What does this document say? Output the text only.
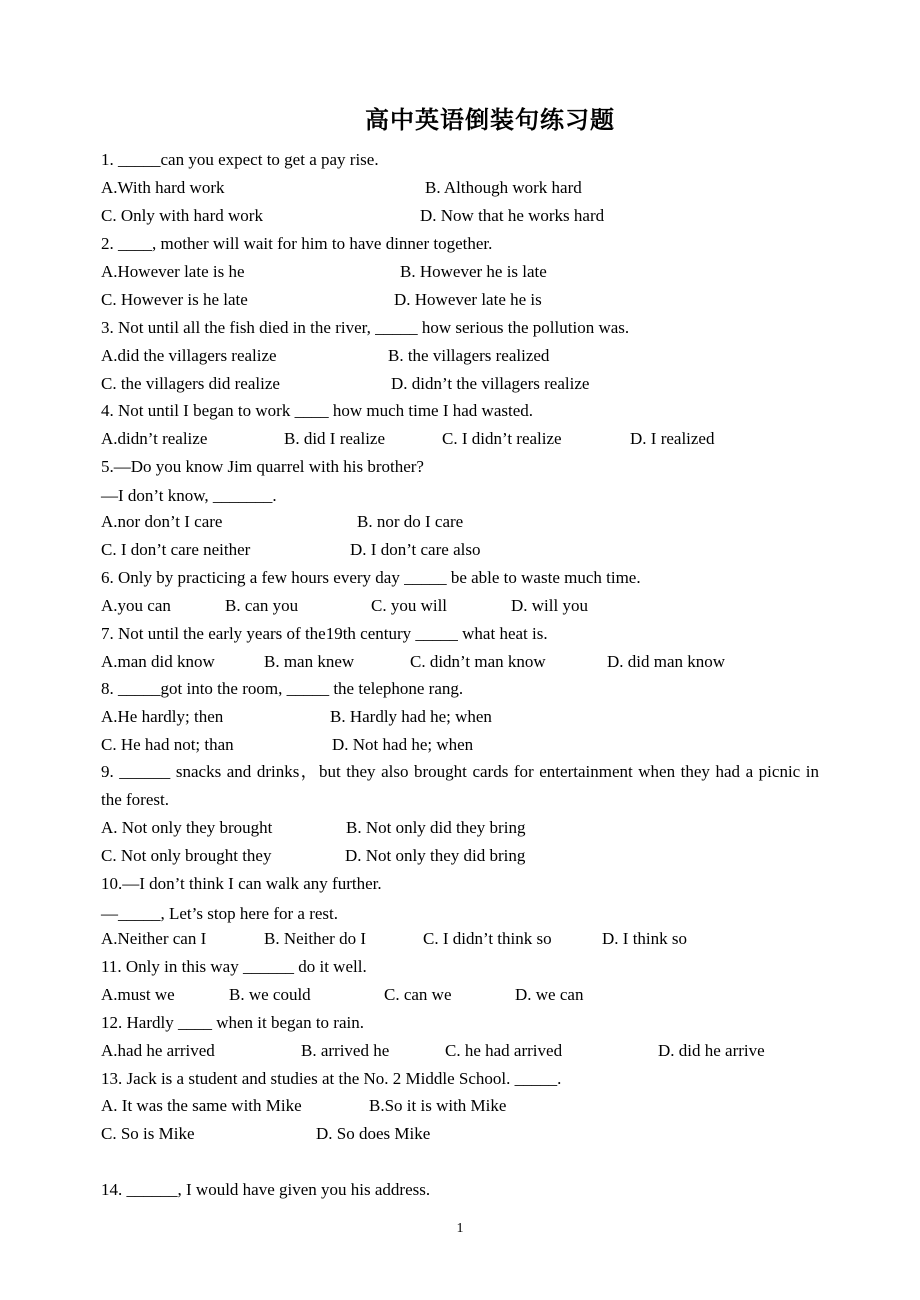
高中英语倒装句练习题
1. _____can you expect to get a pay rise.
A.With hard work	B. Although work hard
C. Only with hard work	D. Now that he works hard
2. ____, mother will wait for him to have dinner together.
A.However late is he	B. However he is late
C. However is he late	D. However late he is
3. Not until all the fish died in the river, _____ how serious the pollution was.
A.did the villagers realize	B. the villagers realized
C. the villagers did realize	D. didn’t the villagers realize
4. Not until I began to work ____ how much time I had wasted.
A.didn’t realize	B. did I realize	C. I didn’t realize	D. I realized
5.—Do you know Jim quarrel with his brother?
—I don’t know, _______.
A.nor don’t I care	B. nor do I care
C. I don’t care neither	D. I don’t care also
6. Only by practicing a few hours every day _____ be able to waste much time.
A.you can	B. can you	C. you will	D. will you
7. Not until the early years of the19th century _____ what heat is.
A.man did know	B. man knew	C. didn’t man know	D. did man know
8. _____got into the room, _____ the telephone rang.
A.He hardly; then	B. Hardly had he; when
C. He had not; than	D. Not had he; when
9. ______ snacks and drinks，but they also brought cards for entertainment when they had a picnic in the forest.
A. Not only they brought	B. Not only did they bring
C. Not only brought they	D. Not only they did bring
10.—I don’t think I can walk any further.
—_____, Let’s stop here for a rest.
A.Neither can I	B. Neither do I	C. I didn’t think so	D. I think so
11. Only in this way ______ do it well.
A.must we	B. we could	C. can we	D. we can
12. Hardly ____ when it began to rain.
A.had he arrived	B. arrived he	C. he had arrived	D. did he arrive
13. Jack is a student and studies at the No. 2 Middle School. _____.
A. It was the same with Mike	B.So it is with Mike
C. So is Mike	D. So does Mike
14. ______, I would have given you his address.
1
